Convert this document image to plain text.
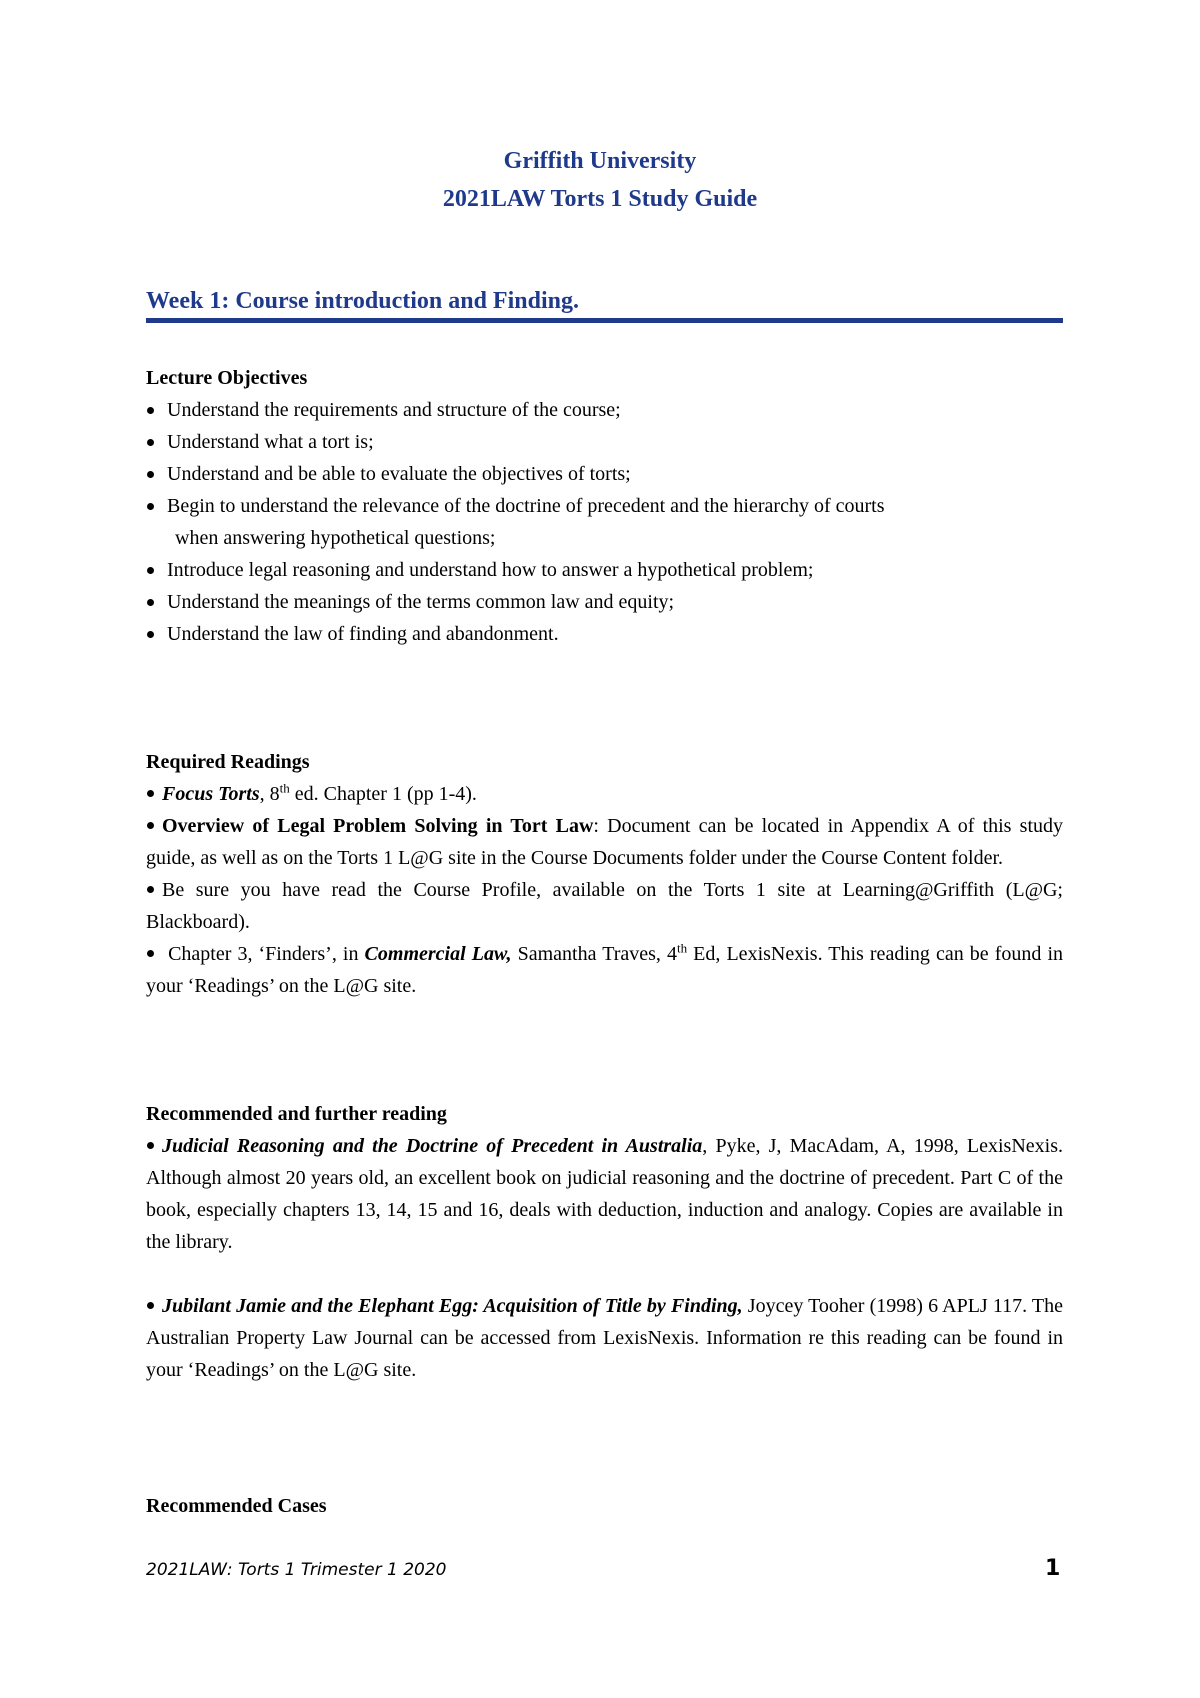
Griffith University
2021LAW Torts 1 Study Guide
Week 1: Course introduction and Finding.
Lecture Objectives
Understand the requirements and structure of the course;
Understand what a tort is;
Understand and be able to evaluate the objectives of torts;
Begin to understand the relevance of the doctrine of precedent and the hierarchy of courts
when answering hypothetical questions;
Introduce legal reasoning and understand how to answer a hypothetical problem;
Understand the meanings of the terms common law and equity;
Understand the law of finding and abandonment.
Required Readings
Focus Torts, 8th ed. Chapter 1 (pp 1-4).
Overview of Legal Problem Solving in Tort Law: Document can be located in Appendix A of this study guide, as well as on the Torts 1 L@G site in the Course Documents folder under the Course Content folder.
Be sure you have read the Course Profile, available on the Torts 1 site at Learning@Griffith (L@G; Blackboard).
Chapter 3, ‘Finders’, in Commercial Law, Samantha Traves, 4th Ed, LexisNexis. This reading can be found in your ‘Readings’ on the L@G site.
Recommended and further reading
Judicial Reasoning and the Doctrine of Precedent in Australia, Pyke, J, MacAdam, A, 1998, LexisNexis. Although almost 20 years old, an excellent book on judicial reasoning and the doctrine of precedent. Part C of the book, especially chapters 13, 14, 15 and 16, deals with deduction, induction and analogy. Copies are available in the library.
Jubilant Jamie and the Elephant Egg: Acquisition of Title by Finding, Joycey Tooher (1998) 6 APLJ 117. The Australian Property Law Journal can be accessed from LexisNexis. Information re this reading can be found in your ‘Readings’ on the L@G site.
Recommended Cases
2021LAW: Torts 1 Trimester 1 2020	1
